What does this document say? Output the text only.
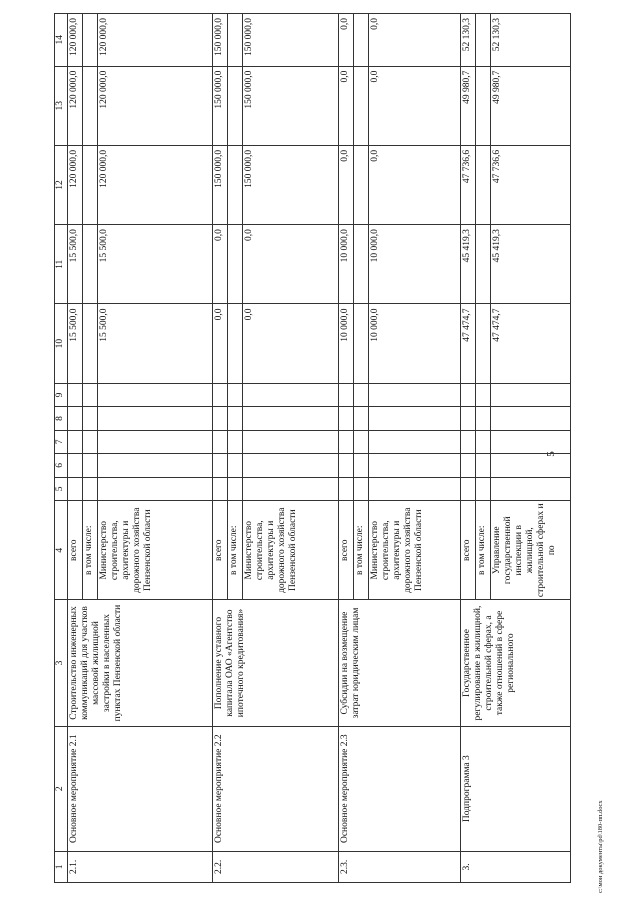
5
c:\мои документы\pd\180-пп.docx
1	2	3	4	5	6	7	8	9	10	11	12	13	14
2.1.	Основное мероприятие 2.1	Строительство инженерных коммуникаций для участков массовой жилищной застройки в населенных пунктах Пензенской области	всего						15 500,0	15 500,0	120 000,0	120 000,0	120 000,0
			в том числе:										
			Министерство строительства, архитектуры и дорожного хозяйства Пензенской области						15 500,0	15 500,0	120 000,0	120 000,0	120 000,0
2.2.	Основное мероприятие 2.2	Пополнение уставного капитала ОАО «Агентство ипотечного кредитования»	всего						0,0	0,0	150 000,0	150 000,0	150 000,0
			в том числе:										
			Министерство строительства, архитектуры и дорожного хозяйства Пензенской области						0,0	0,0	150 000,0	150 000,0	150 000,0
2.3.	Основное мероприятие 2.3	Субсидии на возмещение затрат юридическим лицам	всего						10 000,0	10 000,0	0,0	0,0	0,0
			в том числе:										
			Министерство строительства, архитектуры и дорожного хозяйства Пензенской области						10 000,0	10 000,0	0,0	0,0	0,0
3.	Подпрограмма 3	Государственное регулирование в жилищной, строительной сферах, а также отношений в сфере регионального	всего						47 474,7	45 419,3	47 736,6	49 980,7	52 130,3
			в том числе:										
			Управление государственной инспекции в жилищной, строительной сферах и по						47 474,7	45 419,3	47 736,6	49 980,7	52 130,3
